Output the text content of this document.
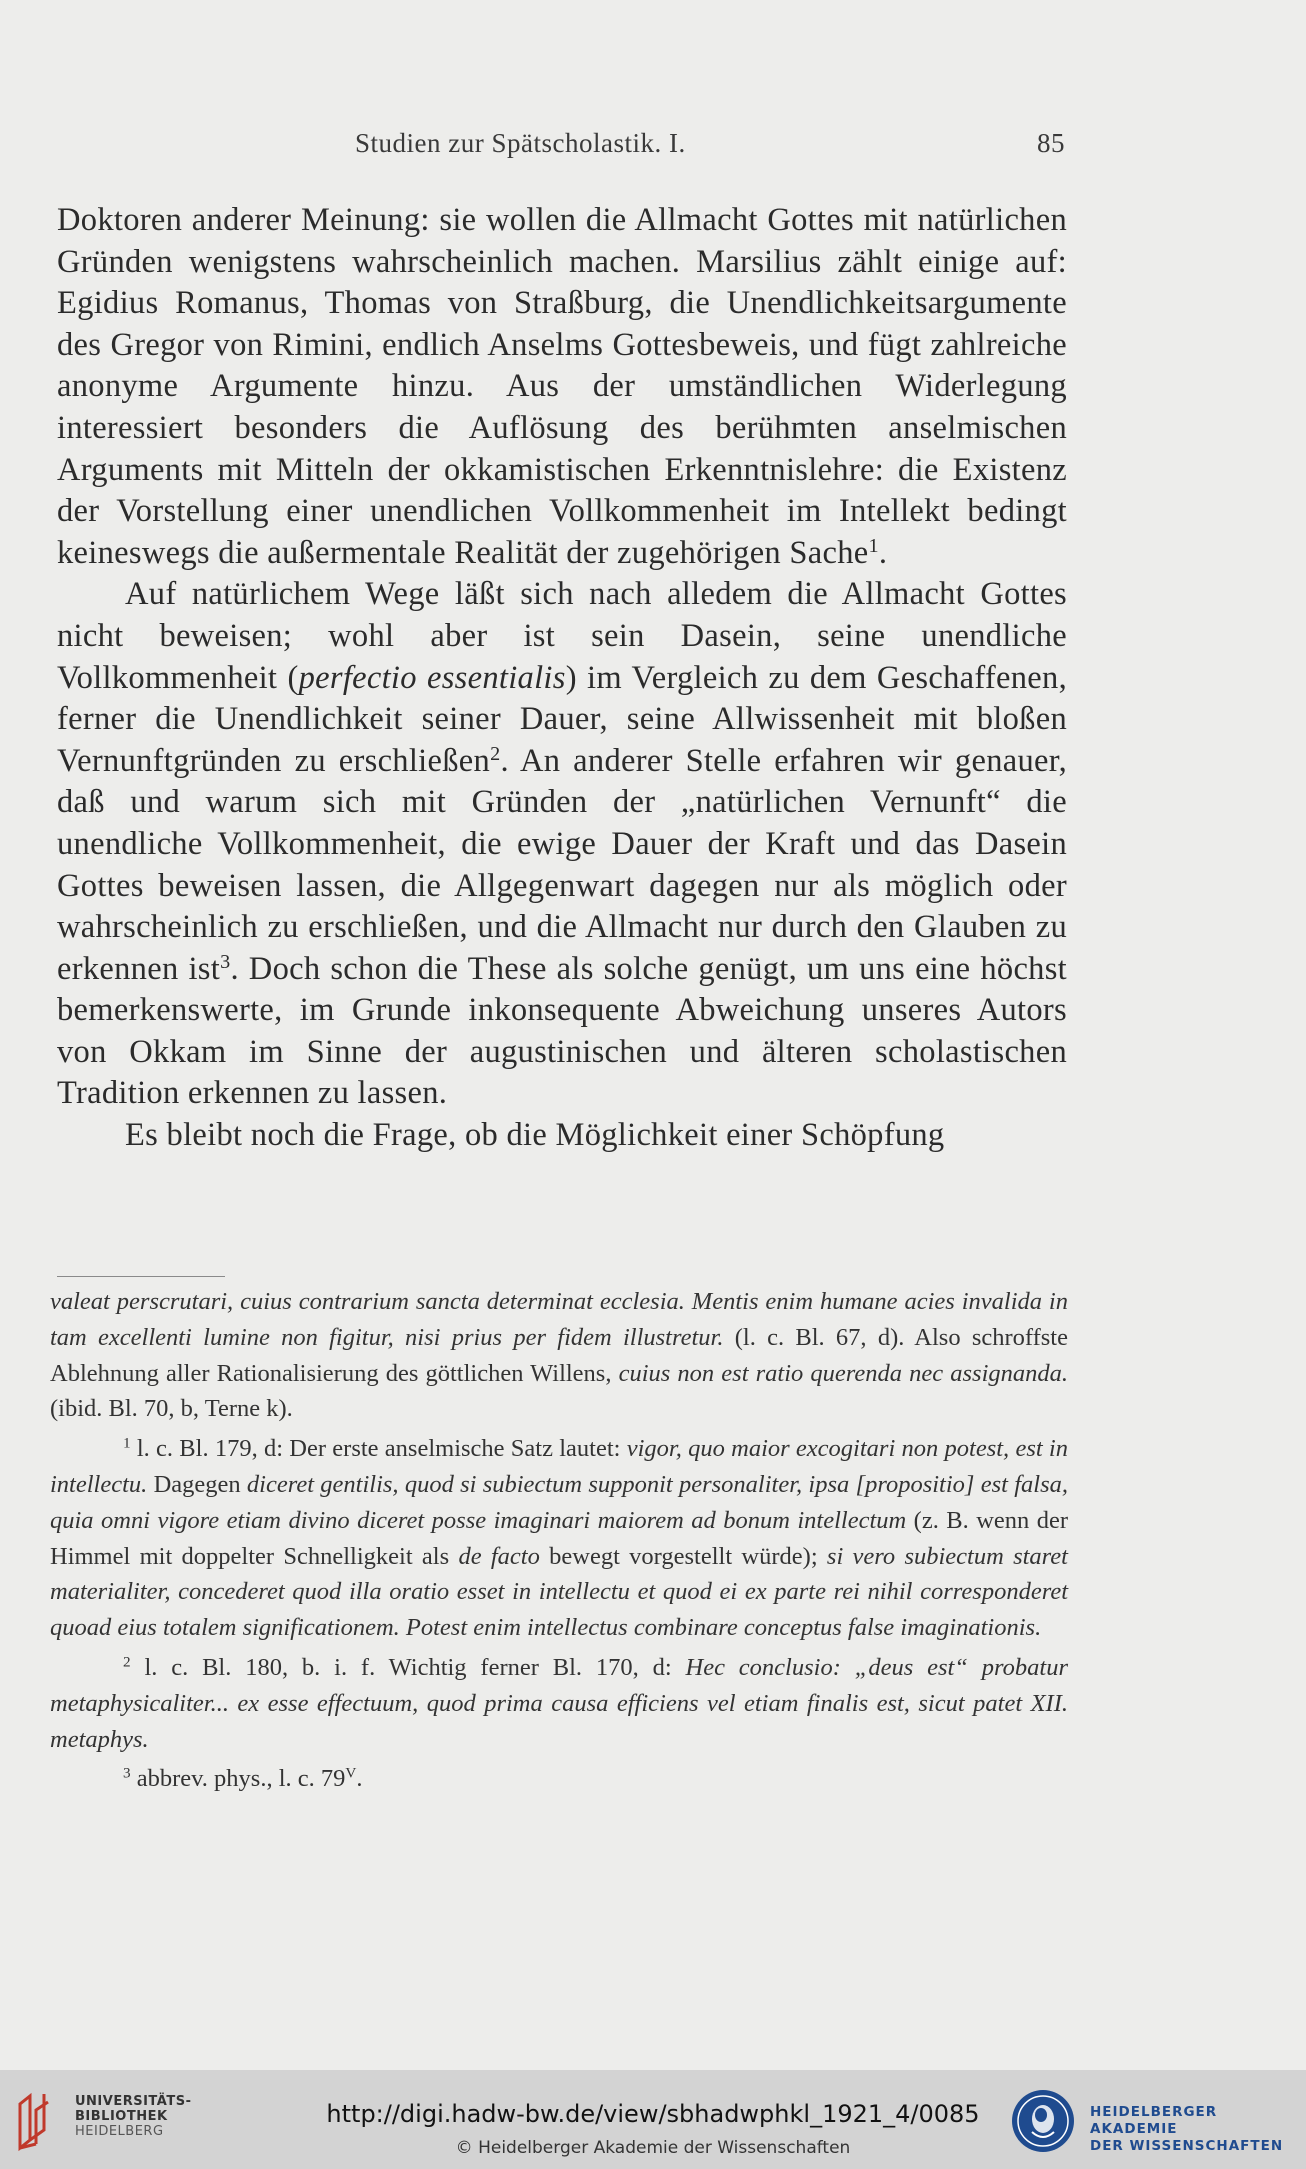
Studien zur Spätscholastik. I.	85

Doktoren anderer Meinung: sie wollen die Allmacht Gottes mit natürlichen Gründen wenigstens wahrscheinlich machen. Marsilius zählt einige auf: Egidius Romanus, Thomas von Straßburg, die Unendlichkeitsargumente des Gregor von Rimini, endlich Anselms Gottesbeweis, und fügt zahlreiche anonyme Argumente hinzu. Aus der umständlichen Widerlegung interessiert besonders die Auflösung des berühmten anselmischen Arguments mit Mitteln der okkamistischen Erkenntnislehre: die Existenz der Vorstellung einer unendlichen Vollkommenheit im Intellekt bedingt keineswegs die außermentale Realität der zugehörigen Sache$^1$.

Auf natürlichem Wege läßt sich nach alledem die Allmacht Gottes nicht beweisen; wohl aber ist sein Dasein, seine unendliche Vollkommenheit (perfectio essentialis) im Vergleich zu dem Geschaffenen, ferner die Unendlichkeit seiner Dauer, seine Allwissenheit mit bloßen Vernunftgründen zu erschließen$^2$. An anderer Stelle erfahren wir genauer, daß und warum sich mit Gründen der „natürlichen Vernunft“ die unendliche Vollkommenheit, die ewige Dauer der Kraft und das Dasein Gottes beweisen lassen, die Allgegenwart dagegen nur als möglich oder wahrscheinlich zu erschließen, und die Allmacht nur durch den Glauben zu erkennen ist$^3$. Doch schon die These als solche genügt, um uns eine höchst bemerkenswerte, im Grunde inkonsequente Abweichung unseres Autors von Okkam im Sinne der augustinischen und älteren scholastischen Tradition erkennen zu lassen.

Es bleibt noch die Frage, ob die Möglichkeit einer Schöpfung

valeat perscrutari, cuius contrarium sancta determinat ecclesia. Mentis enim humane acies invalida in tam excellenti lumine non figitur, nisi prius per fidem illustretur. (l. c. Bl. 67, d). Also schroffste Ablehnung aller Rationalisierung des göttlichen Willens, cuius non est ratio querenda nec assignanda. (ibid. Bl. 70, b, Terne k).

$^1$ l. c. Bl. 179, d: Der erste anselmische Satz lautet: vigor, quo maior excogitari non potest, est in intellectu. Dagegen diceret gentilis, quod si subiectum supponit personaliter, ipsa [propositio] est falsa, quia omni vigore etiam divino diceret posse imaginari maiorem ad bonum intellectum (z. B. wenn der Himmel mit doppelter Schnelligkeit als de facto bewegt vorgestellt würde); si vero subiectum staret materialiter, concederet quod illa oratio esset in intellectu et quod ei ex parte rei nihil corresponderet quoad eius totalem significationem. Potest enim intellectus combinare conceptus false imaginationis.

$^2$ l. c. Bl. 180, b. i. f. Wichtig ferner Bl. 170, d: Hec conclusio: „deus est“ probatur metaphysicaliter... ex esse effectuum, quod prima causa efficiens vel etiam finalis est, sicut patet XII. metaphys.

$^3$ abbrev. phys., l. c. $79^V$.

UNIVERSITÄTS-
BIBLIOTHEK
HEIDELBERG
http://digi.hadw-bw.de/view/sbhadwphkl_1921_4/0085
© Heidelberger Akademie der Wissenschaften
HEIDELBERGER AKADEMIE
DER WISSENSCHAFTEN
